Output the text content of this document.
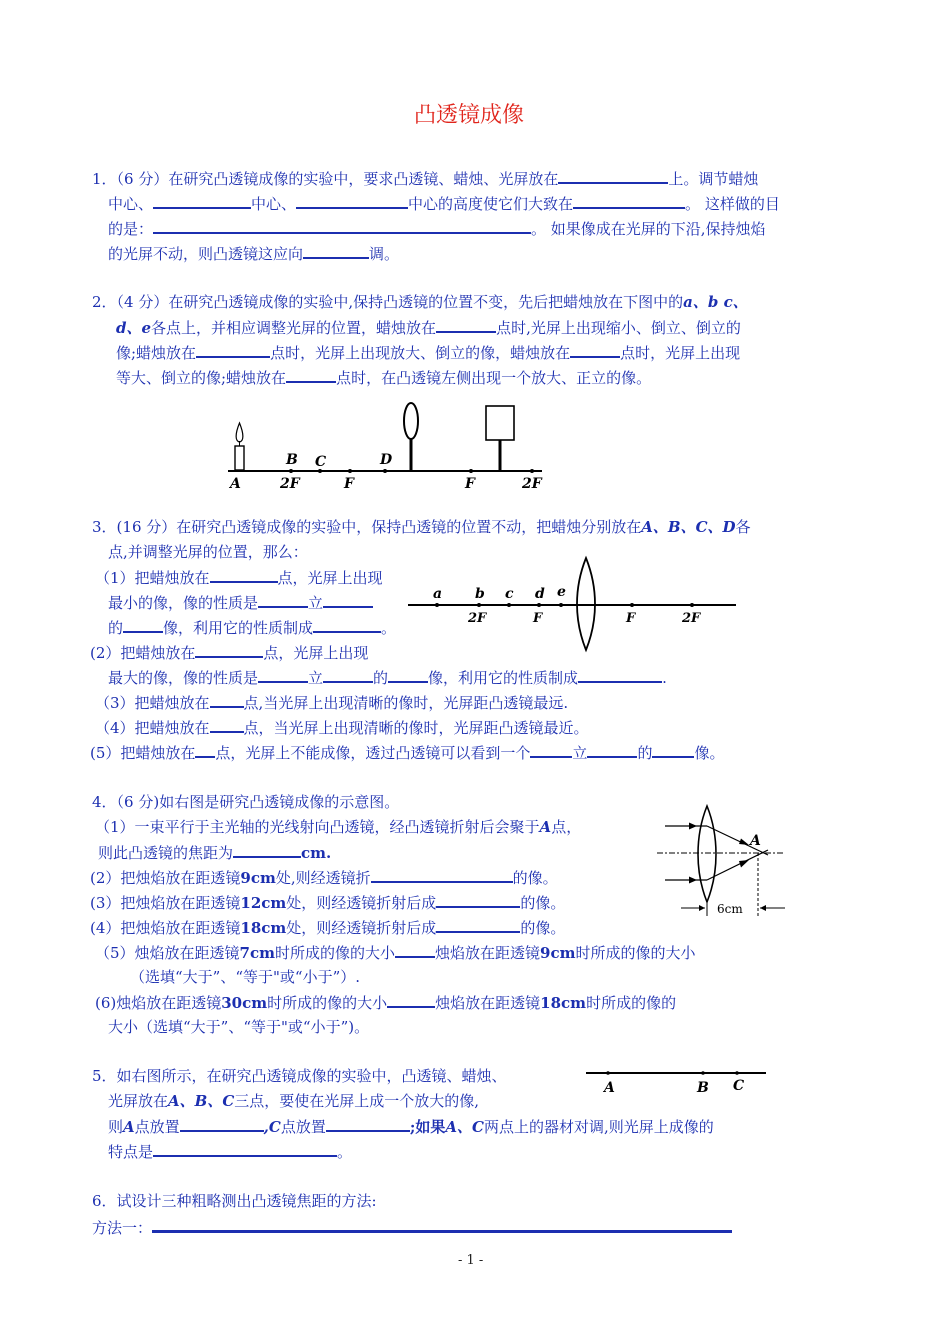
凸透镜成像
1．（6 分）在研究凸透镜成像的实验中，要求凸透镜、蜡烛、光屏放在	上。调节蜡烛
中心、	中心、	中心的高度使它们大致在	。 这样做的目
的是：	。 如果像成在光屏的下沿,保持烛焰
的光屏不动，则凸透镜这应向	调。
2．（4 分）在研究凸透镜成像的实验中,保持凸透镜的位置不变，先后把蜡烛放在下图中的a、b c、
d、e各点上，并相应调整光屏的位置，蜡烛放在	点时,光屏上出现缩小、倒立、倒立的
像;蜡烛放在	点时，光屏上出现放大、倒立的像，蜡烛放在	点时，光屏上出现
等大、倒立的像;蜡烛放在	点时，在凸透镜左侧出现一个放大、正立的像。
B C	D
A	2F	F	F	2F
3．(16 分）在研究凸透镜成像的实验中，保持凸透镜的位置不动，把蜡烛分别放在A、B、C、D各
点,并调整光屏的位置，那么：
（1）把蜡烛放在	点，光屏上出现
最小的像，像的性质是	立
的	像，利用它的性质制成	。
a b c d e
2F	F	F	2F
(2）把蜡烛放在	点，光屏上出现
最大的像，像的性质是	立	的	像，利用它的性质制成	.
（3）把蜡烛放在 点,当光屏上出现清晰的像时，光屏距凸透镜最远.
（4）把蜡烛放在 点，当光屏上出现清晰的像时，光屏距凸透镜最近。
(5）把蜡烛放在 点，光屏上不能成像，透过凸透镜可以看到一个	立	的	像。
4．（6 分)如右图是研究凸透镜成像的示意图。
（1）一束平行于主光轴的光线射向凸透镜，经凸透镜折射后会聚于A点，
则此凸透镜的焦距为	cm.
(2）把烛焰放在距透镜9cm处,则经透镜折	的像。
(3）把烛焰放在距透镜12cm处，则经透镜折射后成	的像。
(4）把烛焰放在距透镜18cm处，则经透镜折射后成	的像。
（5）烛焰放在距透镜7cm时所成的像的大小	烛焰放在距透镜9cm时所成的像的大小
（选填“大于”、“等于"或“小于”）.
(6)烛焰放在距透镜30cm时所成的像的大小	烛焰放在距透镜18cm时所成的像的
大小（选填“大于”、“等于"或“小于”)。
A
6cm
5．如右图所示，在研究凸透镜成像的实验中，凸透镜、蜡烛、
光屏放在A、B、C三点，要使在光屏上成一个放大的像,
则A点放置	,C点放置	;如果A、C两点上的器材对调,则光屏上成像的
特点是	。
A	B C
6．试设计三种粗略测出凸透镜焦距的方法:
方法一：
- 1 -
